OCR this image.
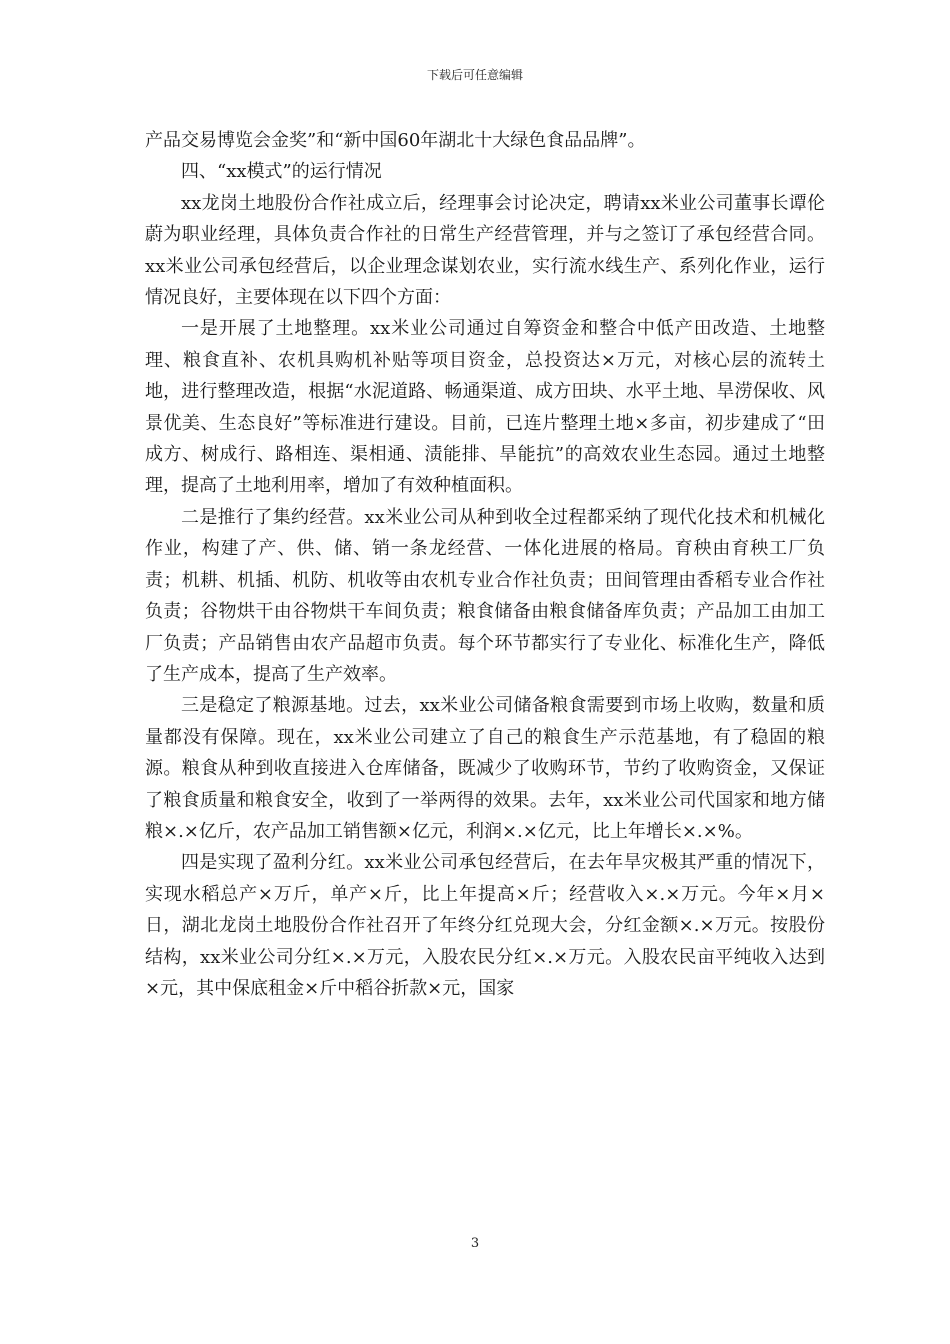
下载后可任意编辑

产品交易博览会金奖”和“新中国60年湖北十大绿色食品品牌”。

四、“xx模式”的运行情况

xx龙岗土地股份合作社成立后，经理事会讨论决定，聘请xx米业公司董事长谭伦蔚为职业经理，具体负责合作社的日常生产经营管理，并与之签订了承包经营合同。xx米业公司承包经营后，以企业理念谋划农业，实行流水线生产、系列化作业，运行情况良好，主要体现在以下四个方面：

一是开展了土地整理。xx米业公司通过自筹资金和整合中低产田改造、土地整理、粮食直补、农机具购机补贴等项目资金，总投资达×万元，对核心层的流转土地，进行整理改造，根据“水泥道路、畅通渠道、成方田块、水平土地、旱涝保收、风景优美、生态良好”等标准进行建设。目前，已连片整理土地×多亩，初步建成了“田成方、树成行、路相连、渠相通、渍能排、旱能抗”的高效农业生态园。通过土地整理，提高了土地利用率，增加了有效种植面积。

二是推行了集约经营。xx米业公司从种到收全过程都采纳了现代化技术和机械化作业，构建了产、供、储、销一条龙经营、一体化进展的格局。育秧由育秧工厂负责；机耕、机插、机防、机收等由农机专业合作社负责；田间管理由香稻专业合作社负责；谷物烘干由谷物烘干车间负责；粮食储备由粮食储备库负责；产品加工由加工厂负责；产品销售由农产品超市负责。每个环节都实行了专业化、标准化生产，降低了生产成本，提高了生产效率。

三是稳定了粮源基地。过去，xx米业公司储备粮食需要到市场上收购，数量和质量都没有保障。现在，xx米业公司建立了自己的粮食生产示范基地，有了稳固的粮源。粮食从种到收直接进入仓库储备，既减少了收购环节，节约了收购资金，又保证了粮食质量和粮食安全，收到了一举两得的效果。去年，xx米业公司代国家和地方储粮×.×亿斤，农产品加工销售额×亿元，利润×.×亿元，比上年增长×.×%。

四是实现了盈利分红。xx米业公司承包经营后，在去年旱灾极其严重的情况下，实现水稻总产×万斤，单产×斤，比上年提高×斤；经营收入×.×万元。今年×月×日，湖北龙岗土地股份合作社召开了年终分红兑现大会，分红金额×.×万元。按股份结构，xx米业公司分红×.×万元，入股农民分红×.×万元。入股农民亩平纯收入达到×元，其中保底租金×斤中稻谷折款×元，国家

3
